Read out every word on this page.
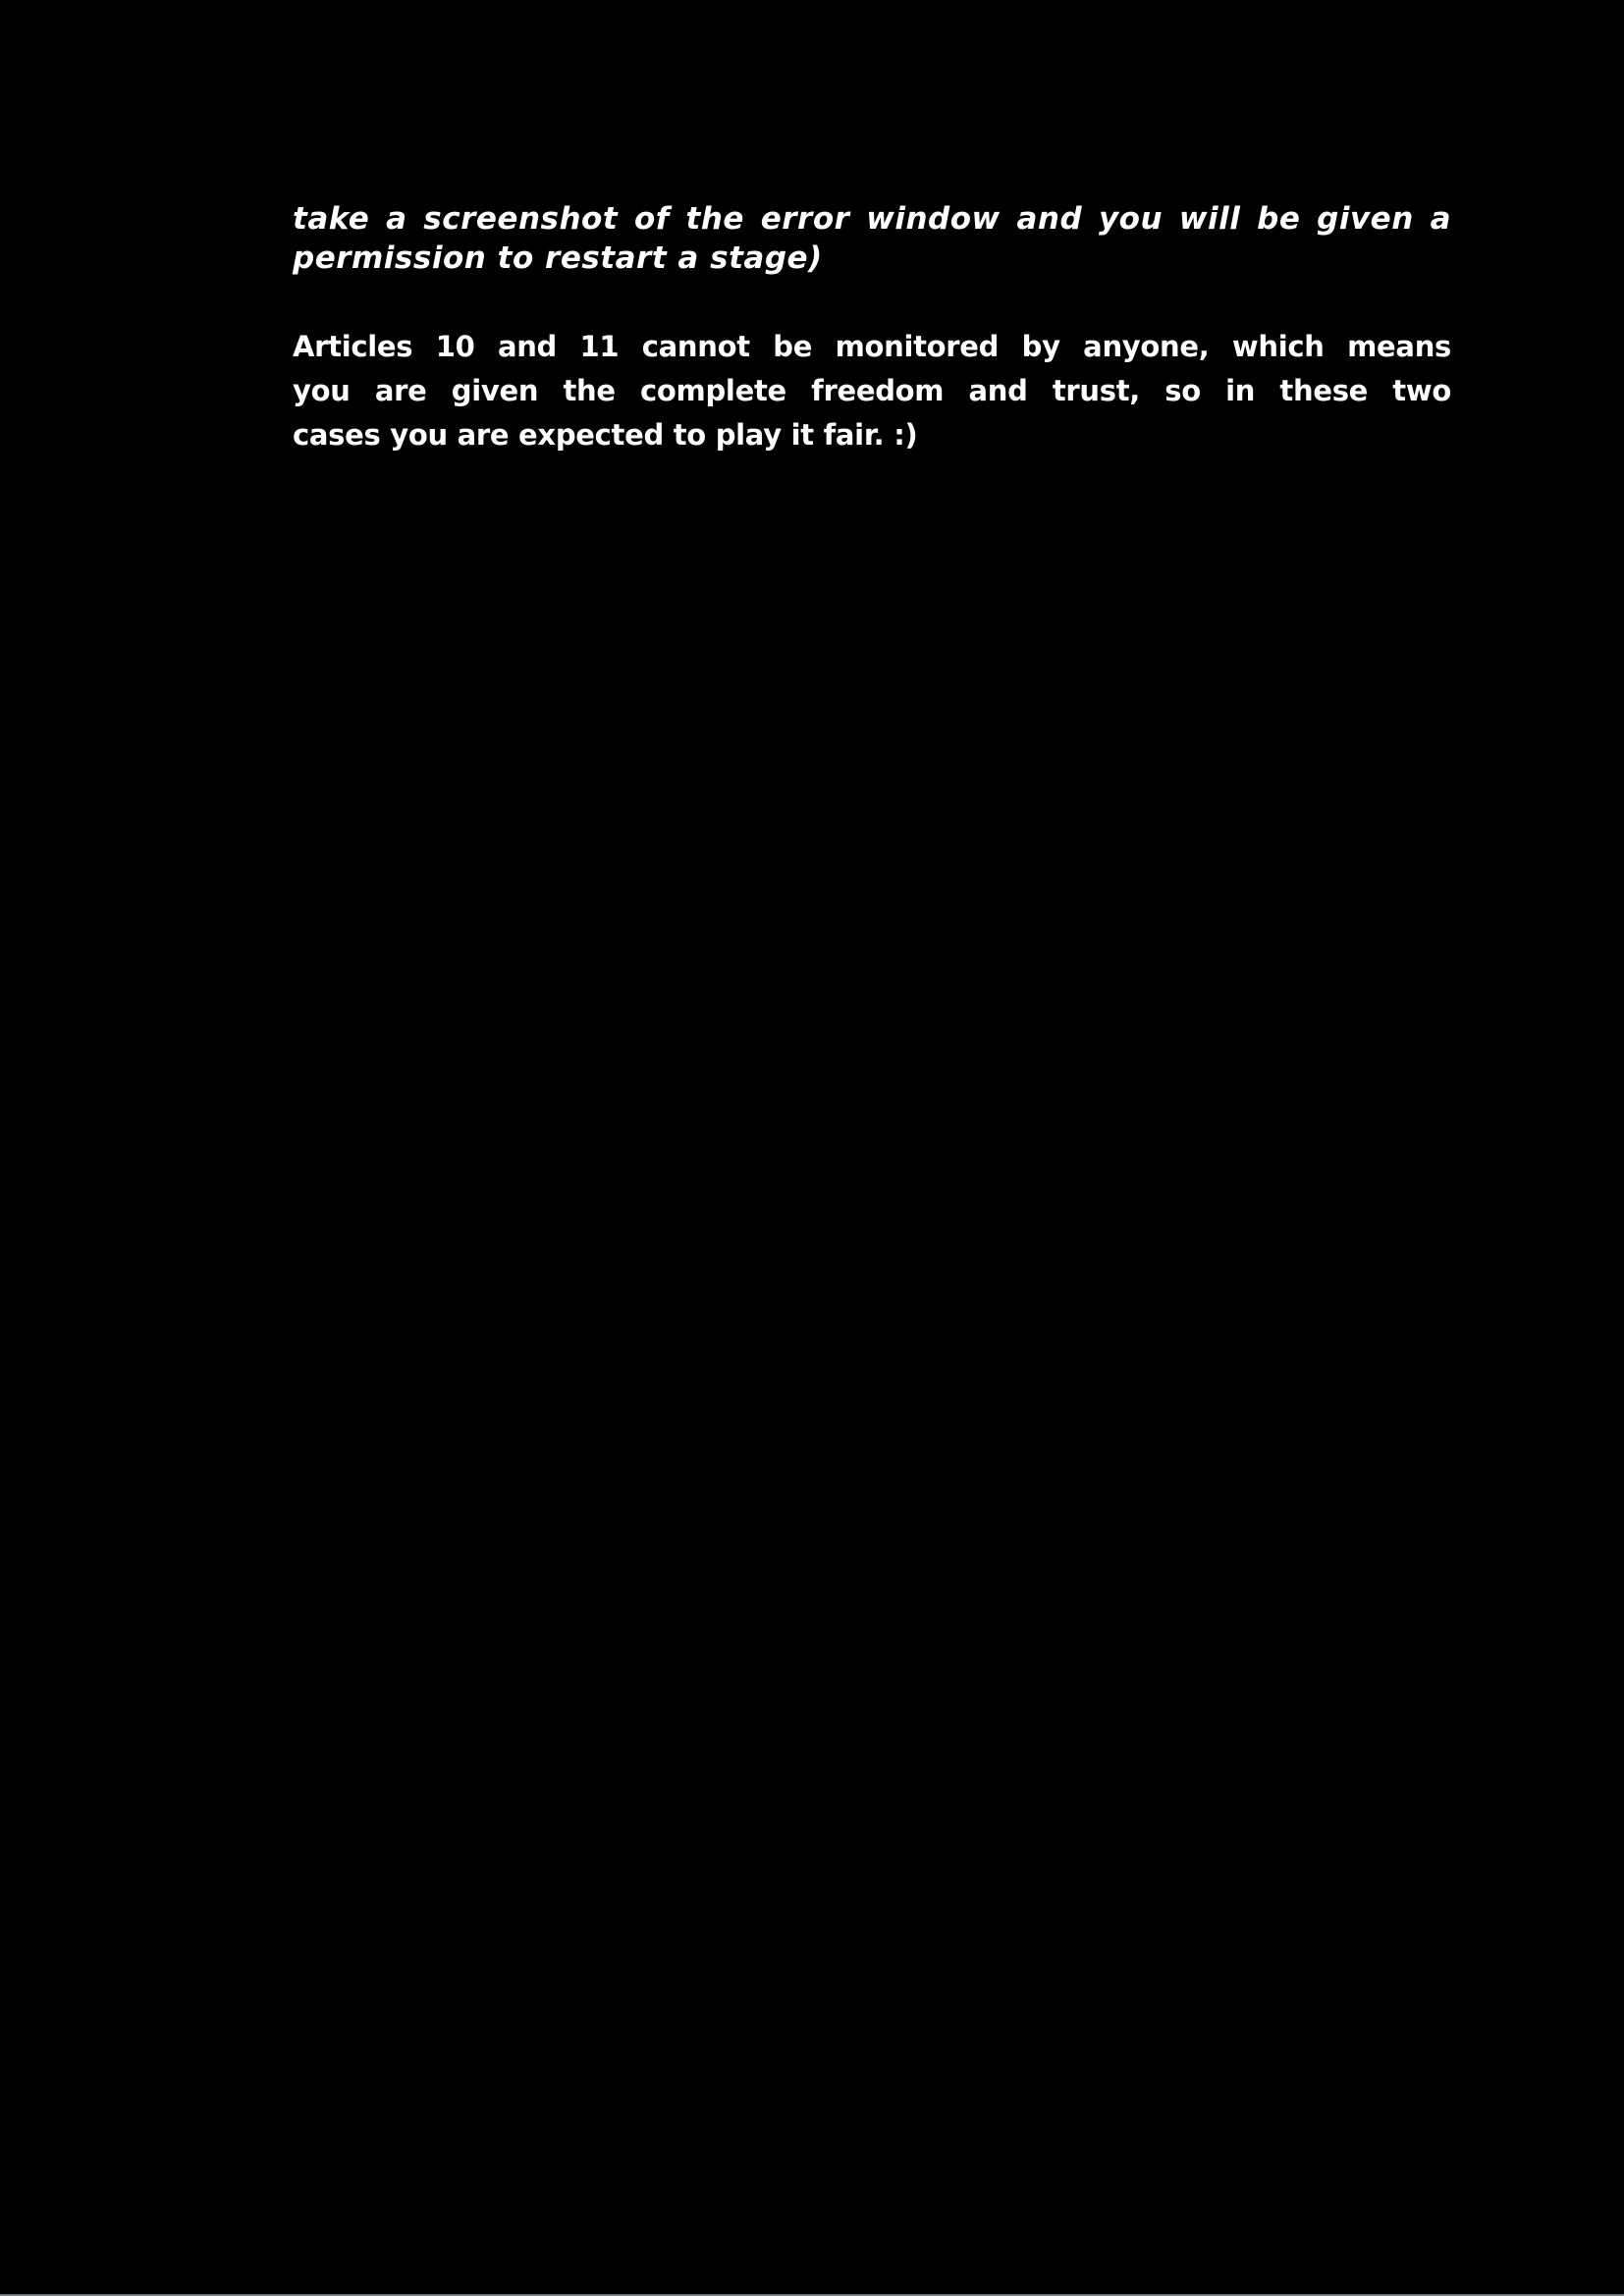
take a screenshot of the error window and you will be given a
permission to restart a stage)
Articles 10 and 11 cannot be monitored by anyone, which means
you are given the complete freedom and trust, so in these two
cases you are expected to play it fair. :)
